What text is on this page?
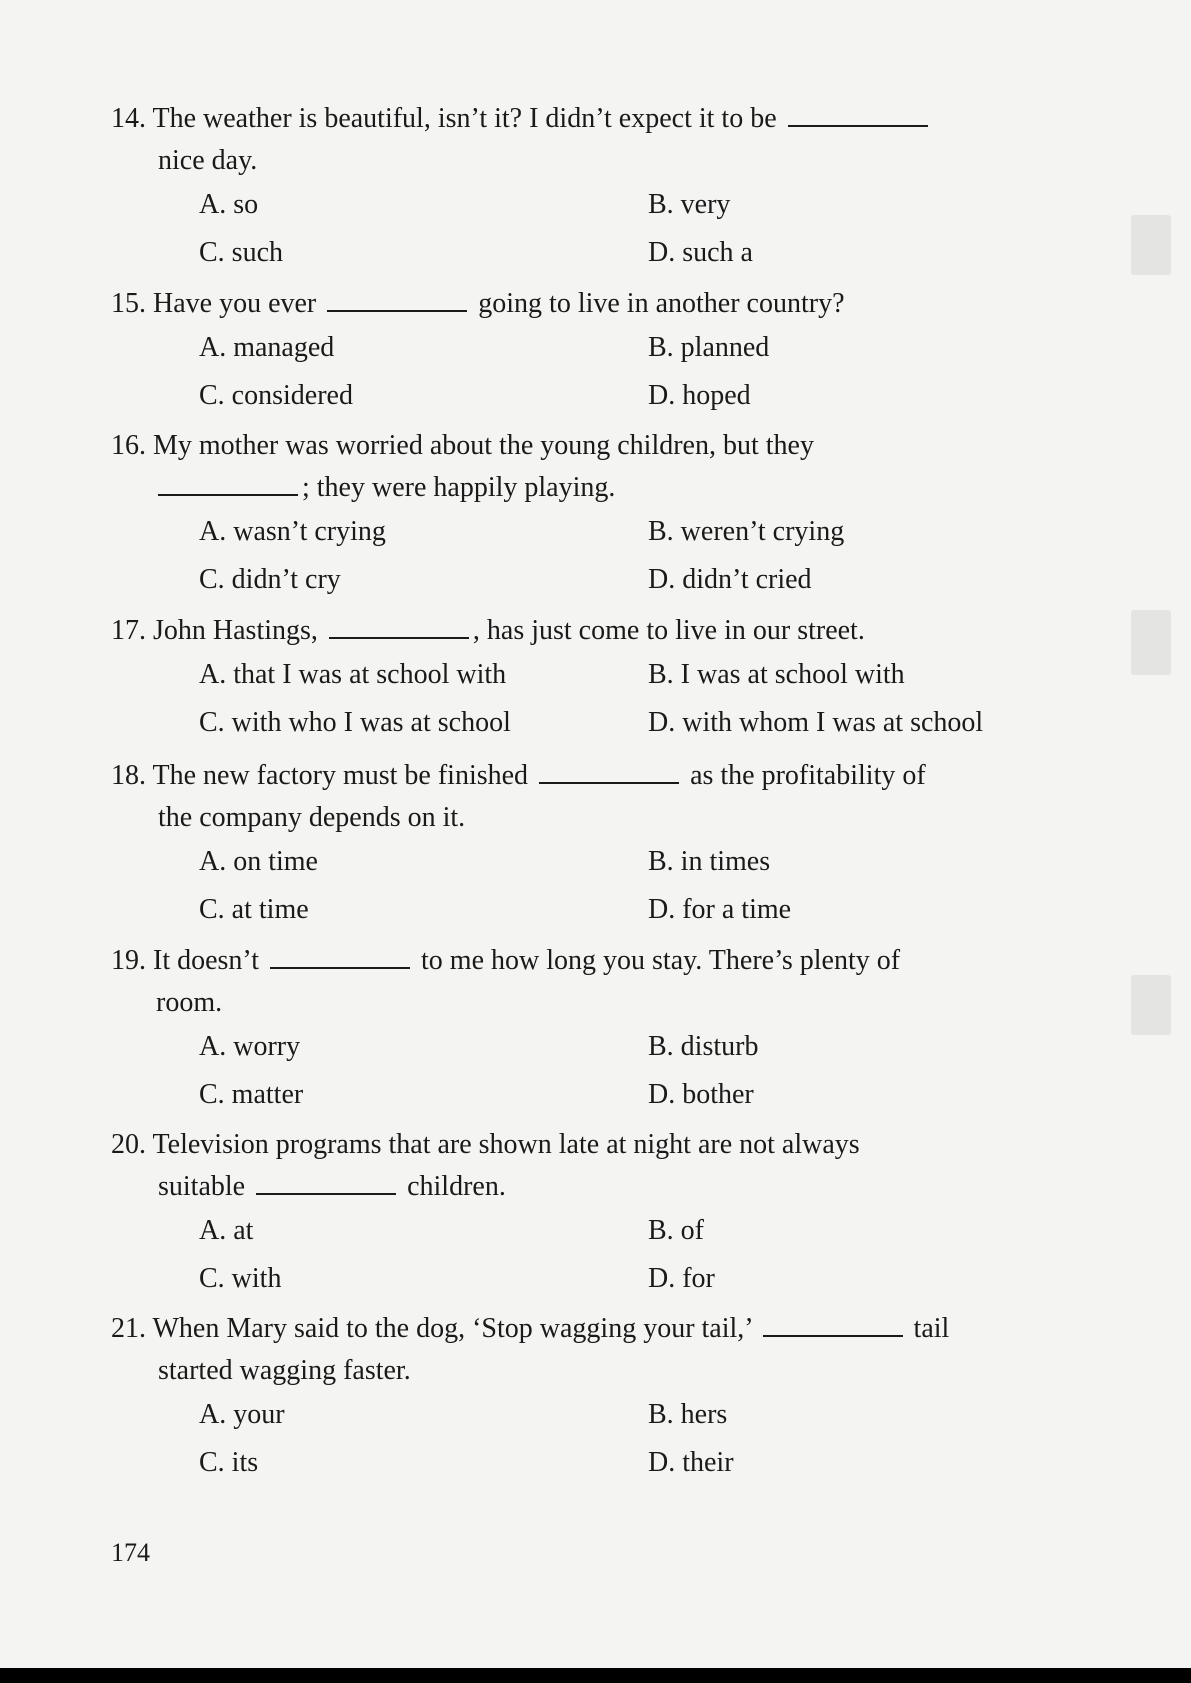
14. The weather is beautiful, isn’t it? I didn’t expect it to be
nice day.
A. so	B. very
C. such	D. such a
15. Have you ever	going to live in another country?
A. managed	B. planned
C. considered	D. hoped
16. My mother was worried about the young children, but they
; they were happily playing.
A. wasn’t crying	B. weren’t crying
C. didn’t cry	D. didn’t cried
17. John Hastings,	, has just come to live in our street.
A. that I was at school with	B. I was at school with
C. with who I was at school	D. with whom I was at school
18. The new factory must be finished	as the profitability of
the company depends on it.
A. on time	B. in times
C. at time	D. for a time
19. It doesn’t	to me how long you stay. There’s plenty of
room.
A. worry	B. disturb
C. matter	D. bother
20. Television programs that are shown late at night are not always
suitable	children.
A. at	B. of
C. with	D. for
21. When Mary said to the dog, ‘Stop wagging your tail,’	tail
started wagging faster.
A. your	B. hers
C. its	D. their
174
